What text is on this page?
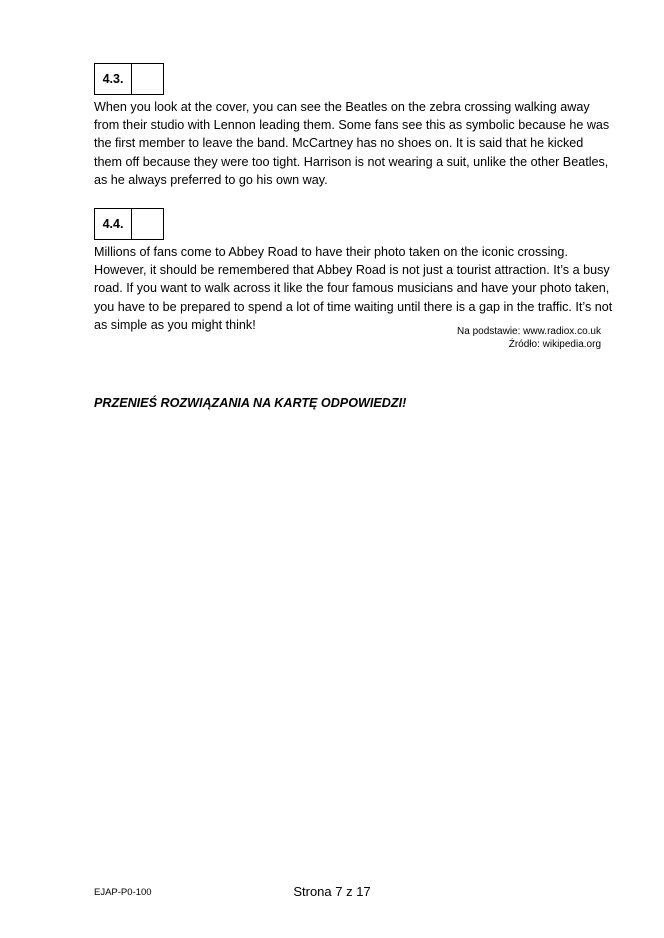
4.3.
When you look at the cover, you can see the Beatles on the zebra crossing walking away
from their studio with Lennon leading them. Some fans see this as symbolic because he was
the first member to leave the band. McCartney has no shoes on. It is said that he kicked
them off because they were too tight. Harrison is not wearing a suit, unlike the other Beatles,
as he always preferred to go his own way.
4.4.
Millions of fans come to Abbey Road to have their photo taken on the iconic crossing.
However, it should be remembered that Abbey Road is not just a tourist attraction. It’s a busy
road. If you want to walk across it like the four famous musicians and have your photo taken,
you have to be prepared to spend a lot of time waiting until there is a gap in the traffic. It’s not
as simple as you might think!	Na podstawie: www.radiox.co.uk
Źródło: wikipedia.org
PRZENIEŚ ROZWIĄZANIA NA KARTĘ ODPOWIEDZI!
EJAP-P0-100	Strona 7 z 17
